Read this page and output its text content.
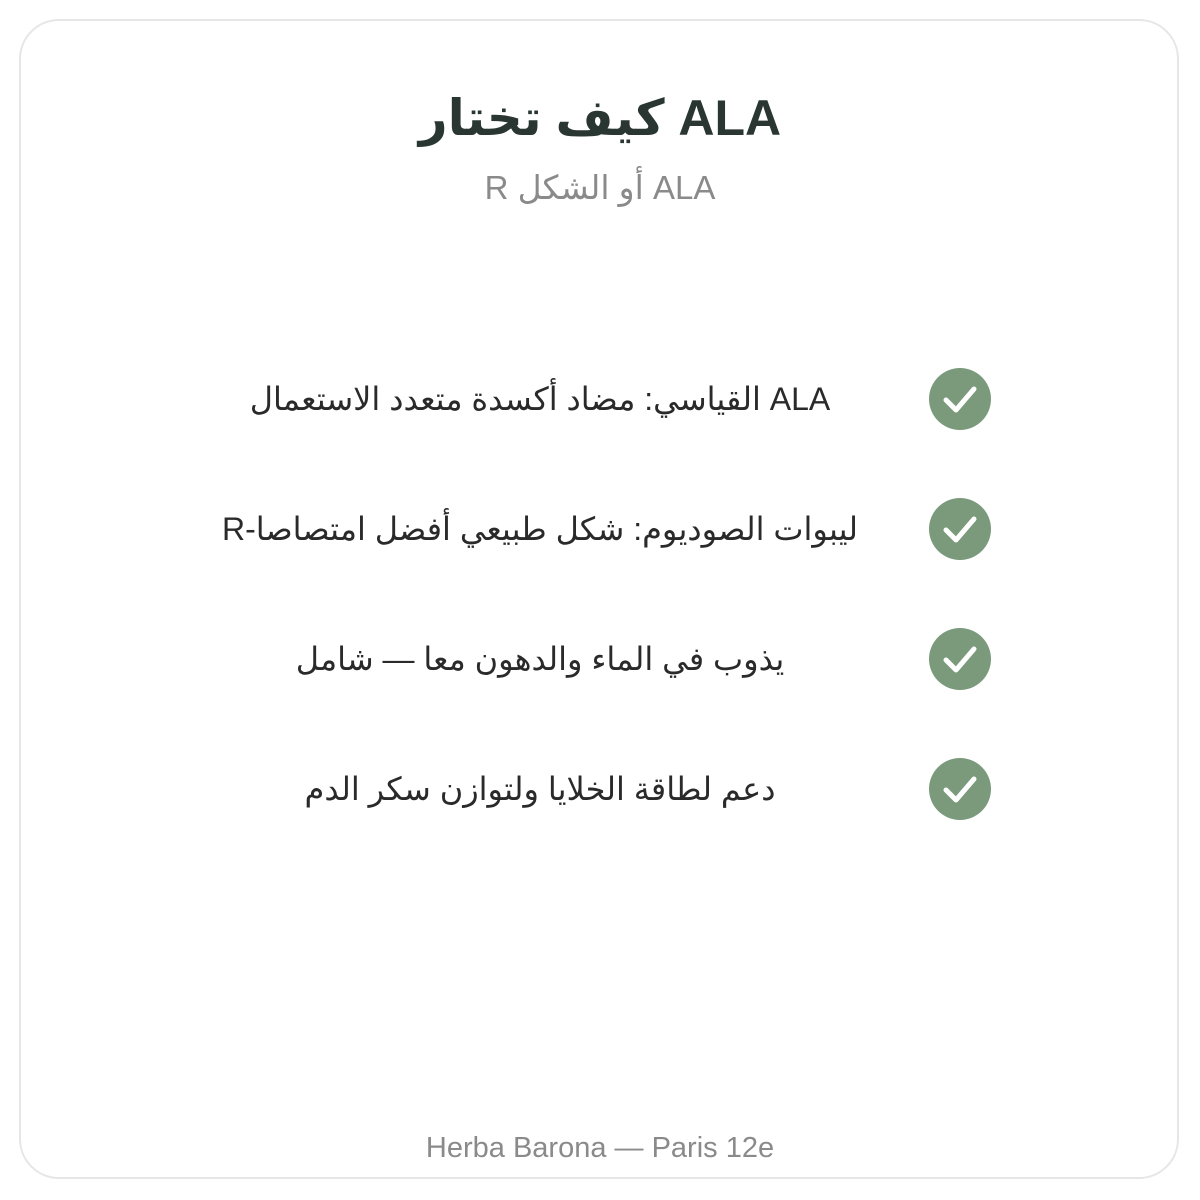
كيف تختار ALA
R أو الشكل ALA
القياسي: مضاد أكسدة متعدد الاستعمال ALA
R-ليبوات الصوديوم: شكل طبيعي أفضل امتصاصا
يذوب في الماء والدهون معا — شامل
دعم لطاقة الخلايا ولتوازن سكر الدم
Herba Barona — Paris 12e
